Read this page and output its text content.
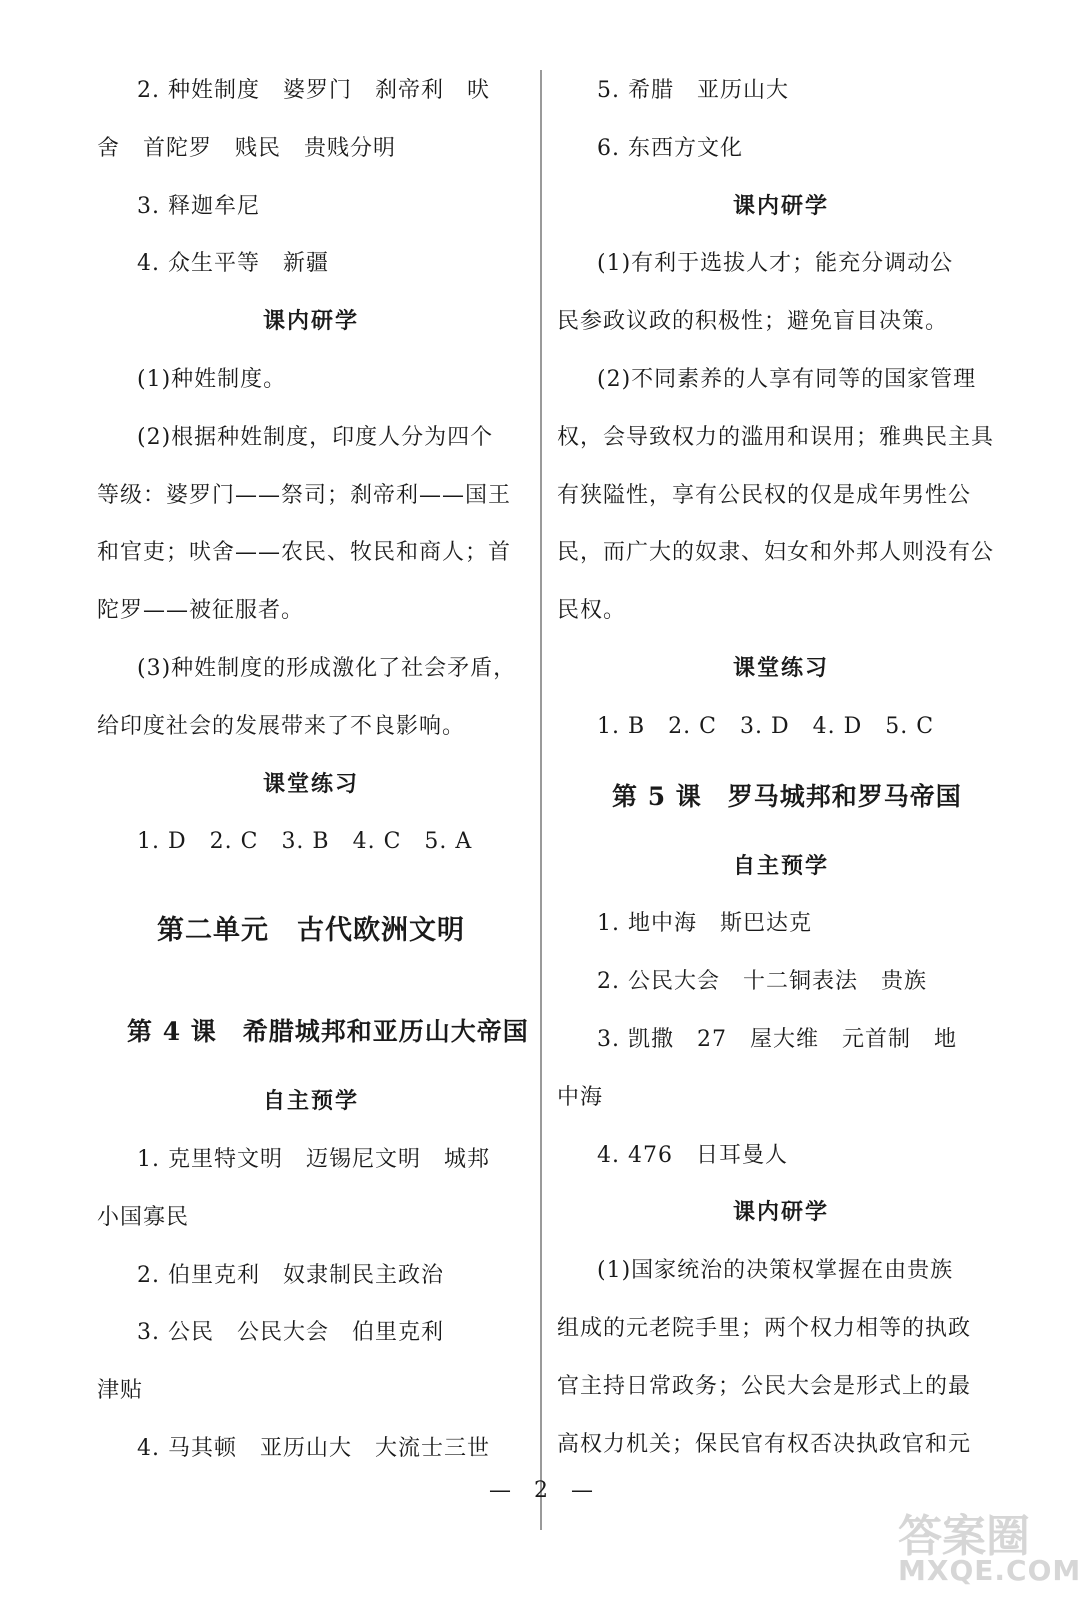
2. 种姓制度　婆罗门　刹帝利　吠

舍　首陀罗　贱民　贵贱分明

3. 释迦牟尼

4. 众生平等　新疆

课内研学

(1)种姓制度。

(2)根据种姓制度，印度人分为四个

等级：婆罗门——祭司；刹帝利——国王

和官吏；吠舍——农民、牧民和商人；首

陀罗——被征服者。

(3)种姓制度的形成激化了社会矛盾，

给印度社会的发展带来了不良影响。

课堂练习

1. D　2. C　3. B　4. C　5. A

第二单元　古代欧洲文明

第 4 课　希腊城邦和亚历山大帝国

自主预学

1. 克里特文明　迈锡尼文明　城邦

小国寡民

2. 伯里克利　奴隶制民主政治

3. 公民　公民大会　伯里克利

津贴

4. 马其顿　亚历山大　大流士三世

5. 希腊　亚历山大

6. 东西方文化

课内研学

(1)有利于选拔人才；能充分调动公

民参政议政的积极性；避免盲目决策。

(2)不同素养的人享有同等的国家管理

权，会导致权力的滥用和误用；雅典民主具

有狭隘性，享有公民权的仅是成年男性公

民，而广大的奴隶、妇女和外邦人则没有公

民权。

课堂练习

1. B　2. C　3. D　4. D　5. C

第 5 课　罗马城邦和罗马帝国

自主预学

1. 地中海　斯巴达克

2. 公民大会　十二铜表法　贵族

3. 凯撒　27　屋大维　元首制　地

中海

4. 476　日耳曼人

课内研学

(1)国家统治的决策权掌握在由贵族

组成的元老院手里；两个权力相等的执政

官主持日常政务；公民大会是形式上的最

高权力机关；保民官有权否决执政官和元

— 2 —
答案圈
MXQE.COM
